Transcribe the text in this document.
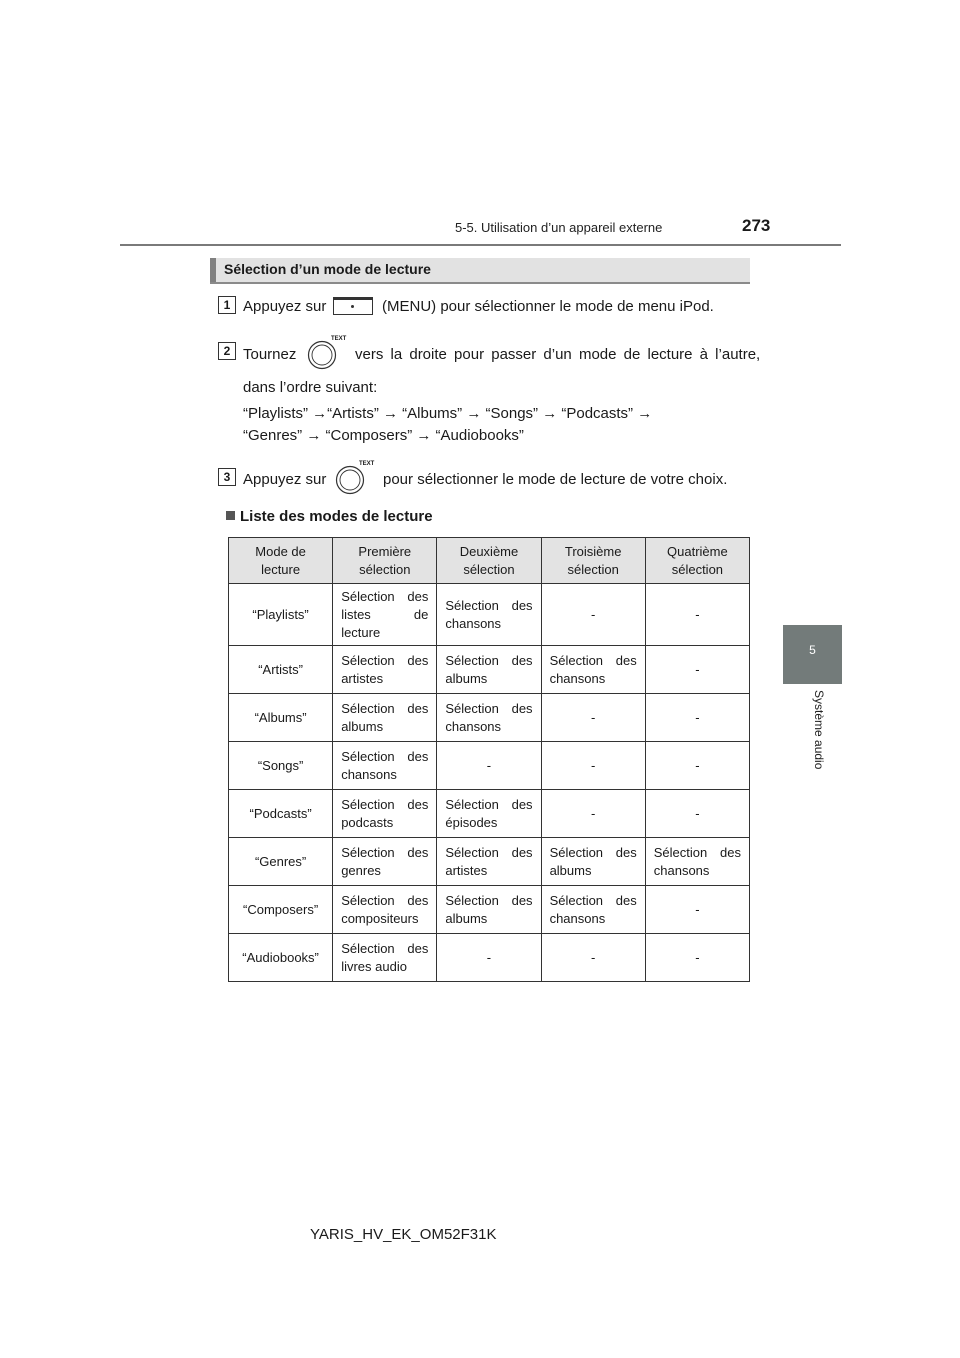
5-5. Utilisation d’un appareil externe	273
5
Système audio
Sélection d’un mode de lecture
1 Appuyez sur	(MENU) pour sélectionner le mode de menu iPod.
2 Tournez
TEXT
vers la droite pour passer d’un mode de lecture à l’autre,
dans l’ordre suivant:
“Playlists” →“Artists” → “Albums” → “Songs” → “Podcasts” →
“Genres” → “Composers” → “Audiobooks”
3 Appuyez sur
TEXT
pour sélectionner le mode de lecture de votre choix.
Liste des modes de lecture
Mode de lecture	Première sélection	Deuxième sélection	Troisième sélection	Quatrième sélection
“Playlists”	Sélection des listes de lecture	Sélection des chansons	-	-
“Artists”	Sélection des artistes	Sélection des albums	Sélection des chansons	-
“Albums”	Sélection des albums	Sélection des chansons	-	-
“Songs”	Sélection des chansons	-	-	-
“Podcasts”	Sélection des podcasts	Sélection des épisodes	-	-
“Genres”	Sélection des genres	Sélection des artistes	Sélection des albums	Sélection des chansons
“Composers”	Sélection des compositeurs	Sélection des albums	Sélection des chansons	-
“Audiobooks”	Sélection des livres audio	-	-	-
YARIS_HV_EK_OM52F31K
